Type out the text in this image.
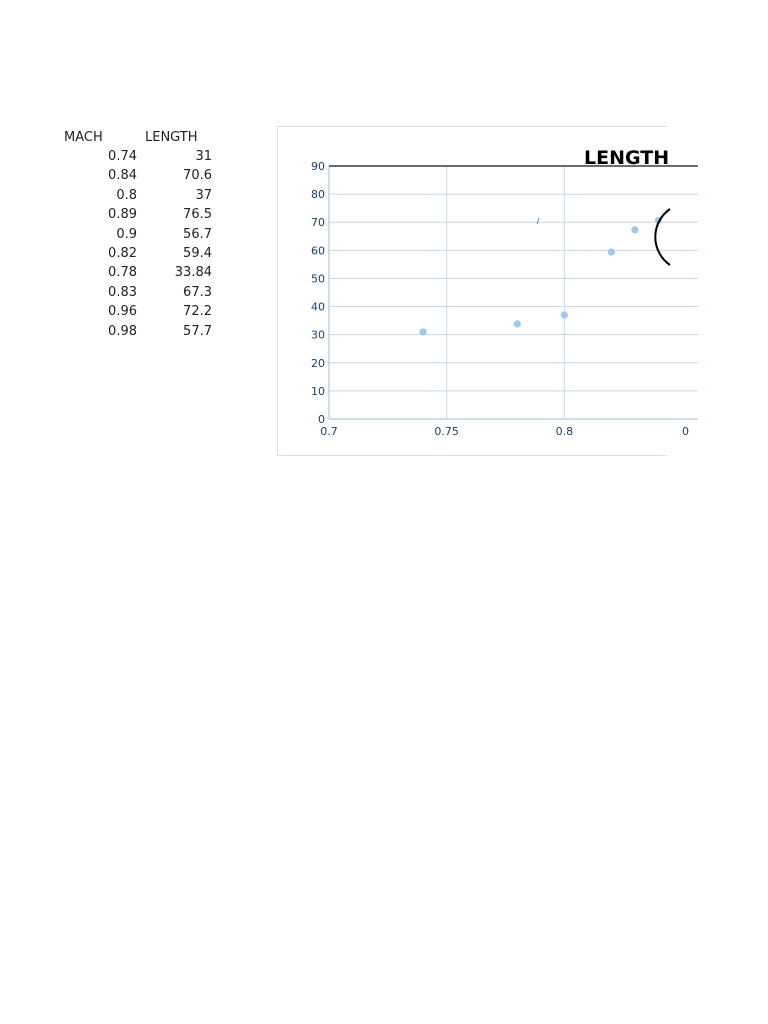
MACH	LENGTH
0.74	31
0.84	70.6
0.8	37
0.89	76.5
0.9	56.7
0.82	59.4
0.78	33.84
0.83	67.3
0.96	72.2
0.98	57.7
0
10
20
30
40
50
60
70
80
90
0.7	0.75	0.8	0
LENGTH
